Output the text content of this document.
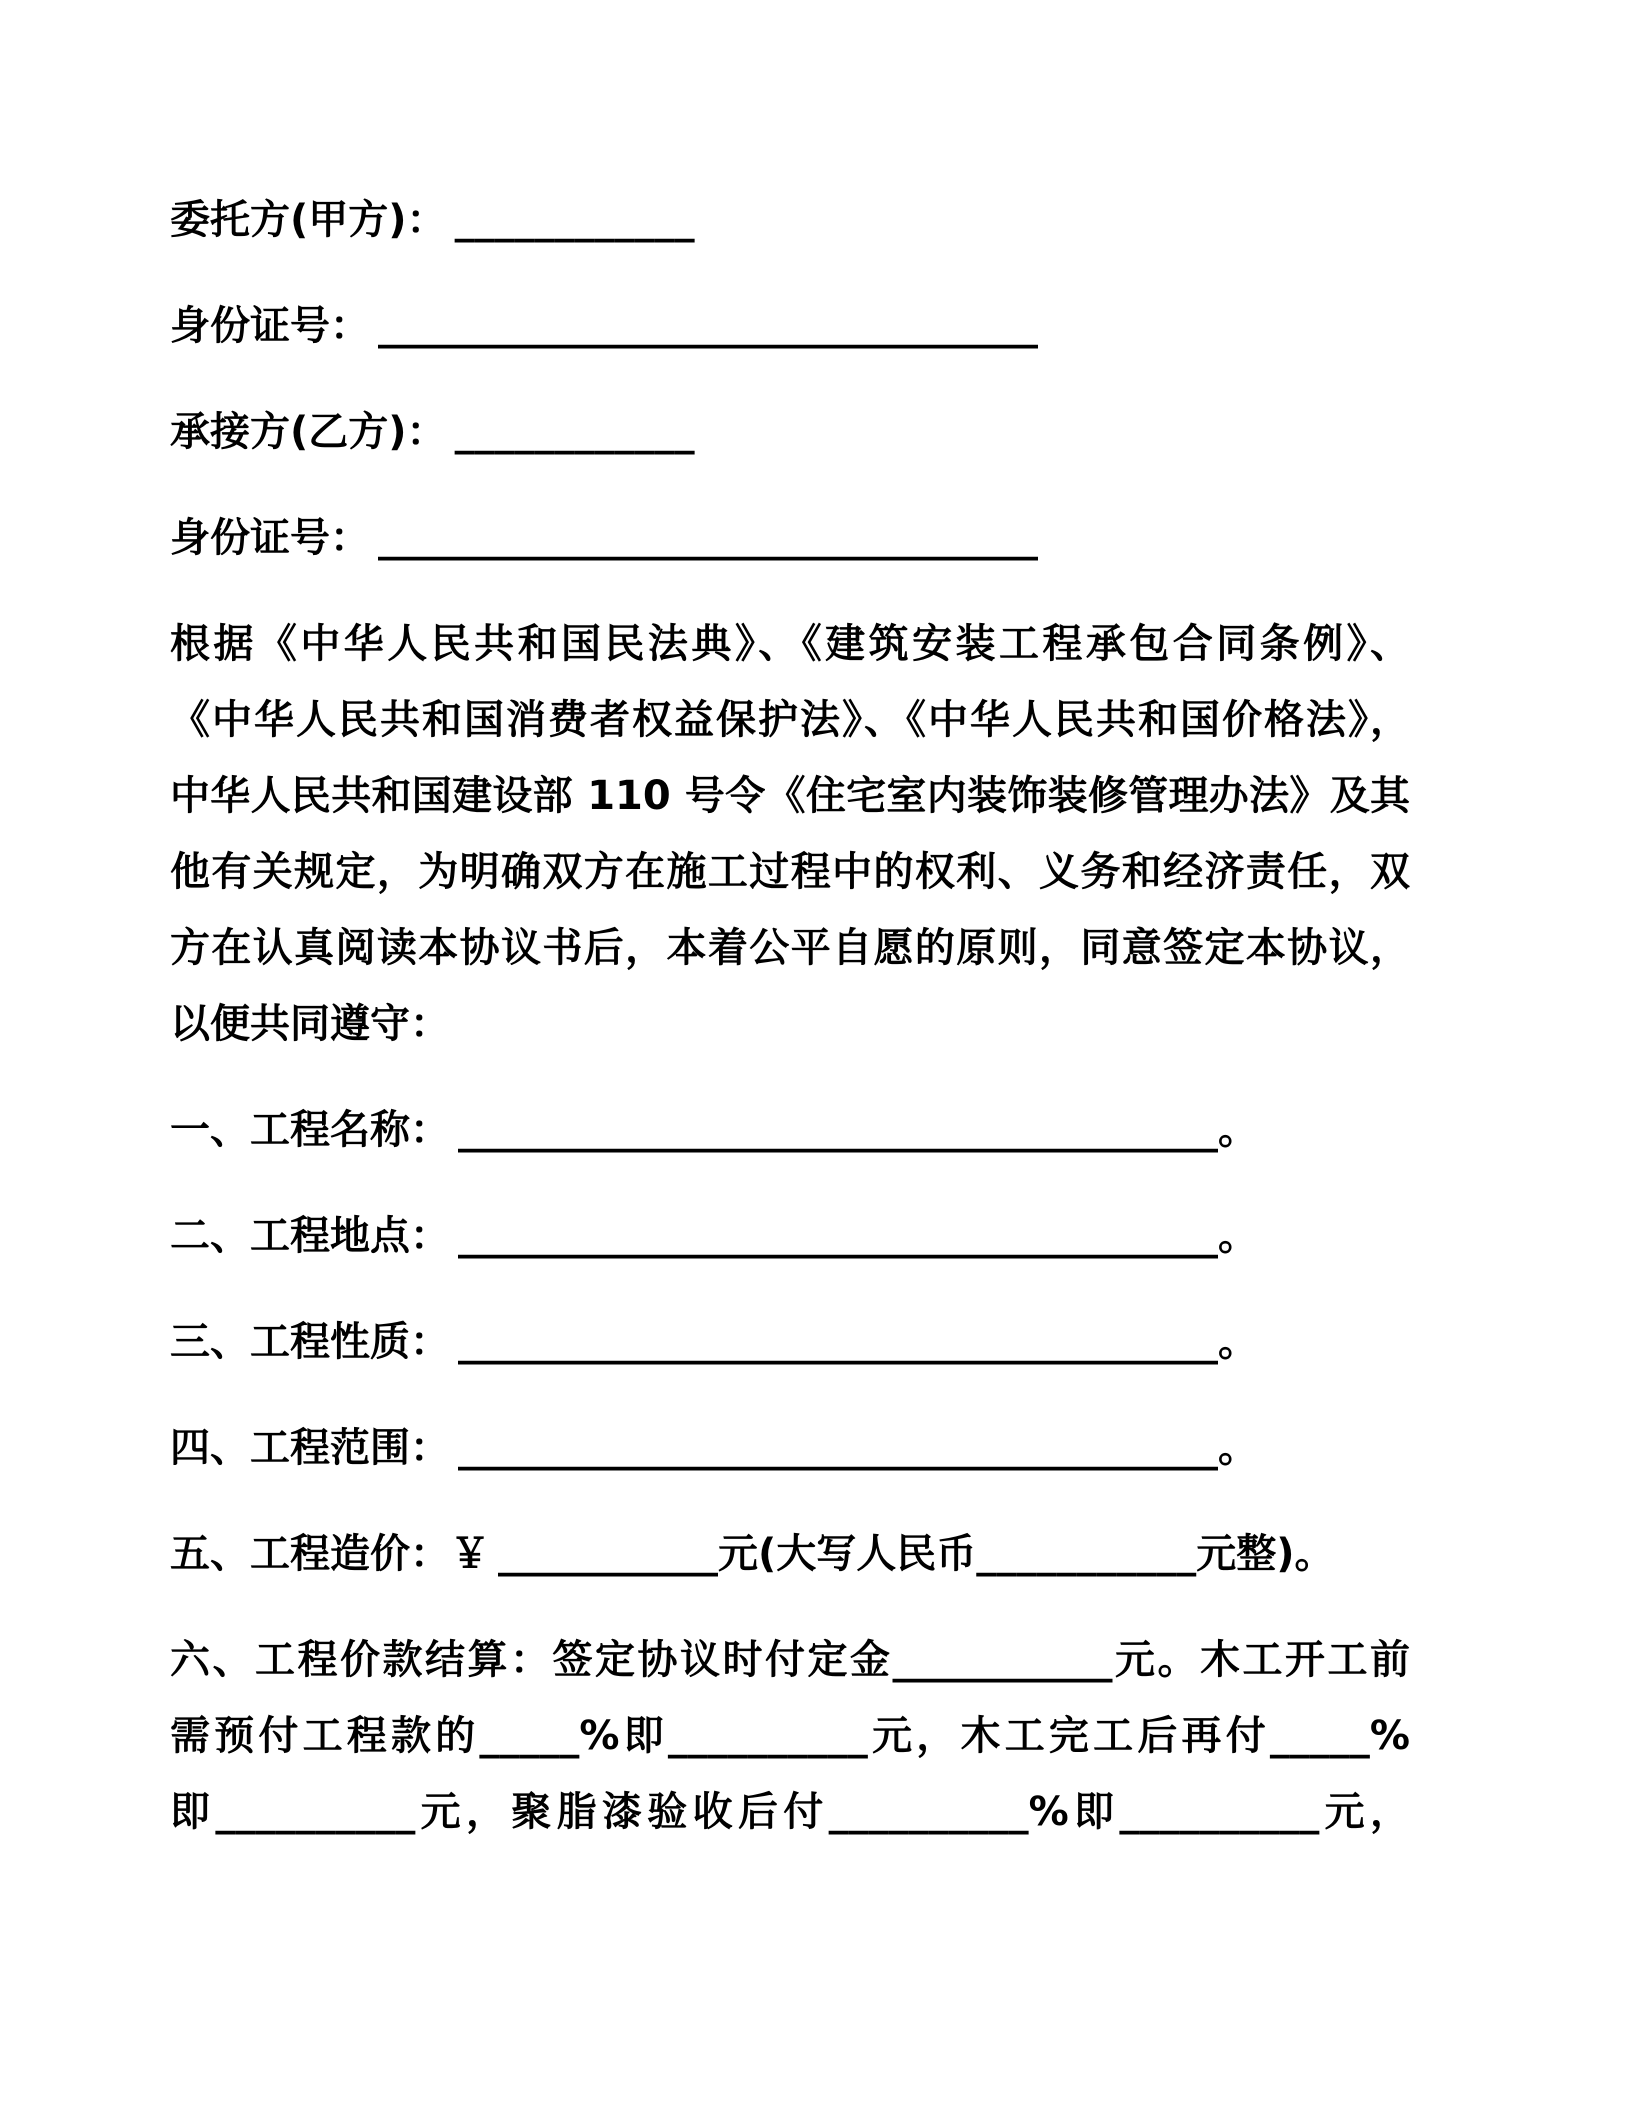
委托方(甲方)： ____________

身份证号： _________________________________

承接方(乙方)： ____________

身份证号： _________________________________

根据《中华人民共和国民法典》、《建筑安装工程承包合同条例》、
《中华人民共和国消费者权益保护法》、《中华人民共和国价格法》，
中华人民共和国建设部 110 号令《住宅室内装饰装修管理办法》及其
他有关规定，为明确双方在施工过程中的权利、义务和经济责任，双
方在认真阅读本协议书后，本着公平自愿的原则，同意签定本协议，
以便共同遵守：

一、工程名称： ______________________________________。

二、工程地点： ______________________________________。

三、工程性质： ______________________________________。

四、工程范围： ______________________________________。

五、工程造价：￥ ___________元(大写人民币___________元整)。

六、工程价款结算：签定协议时付定金___________元。木工开工前
需预付工程款的_____%即__________元，木工完工后再付_____%
即__________元，聚脂漆验收后付__________%即__________元，
